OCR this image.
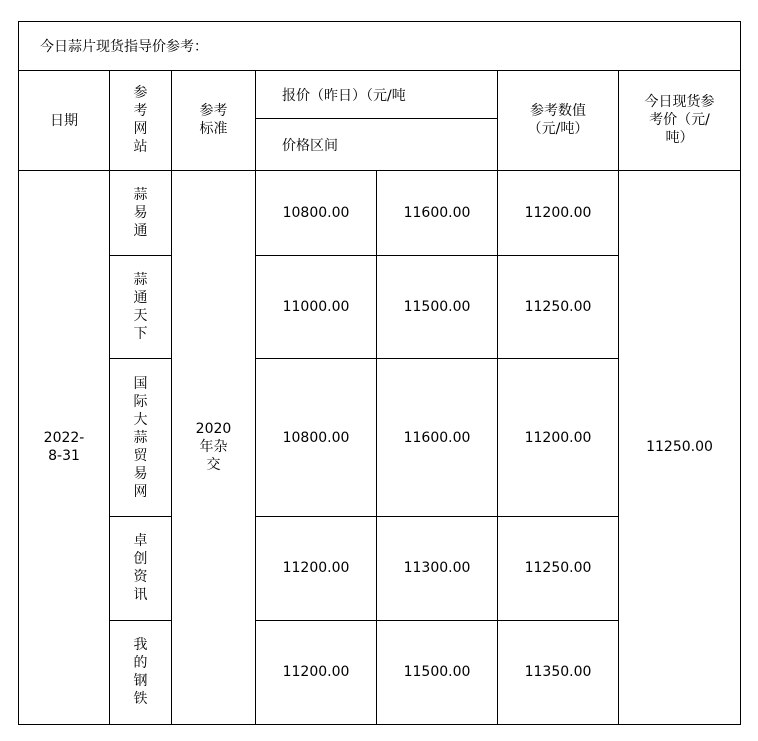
今日蒜片现货指导价参考：						
日期	参考网站	参考标准	报价（昨日）（元/吨		参考数值（元/吨）	今日现货参考价（元/吨）

			价格区间			

2022-8-31	蒜易通	2020年杂交	10800.00	11600.00	11200.00	11250.00

	蒜通天下		11000.00	11500.00	11250.00	

	国际大蒜贸易网		10800.00	11600.00	11200.00	

	卓创资讯		11200.00	11300.00	11250.00	

	我的钢铁		11200.00	11500.00	11350.00	
